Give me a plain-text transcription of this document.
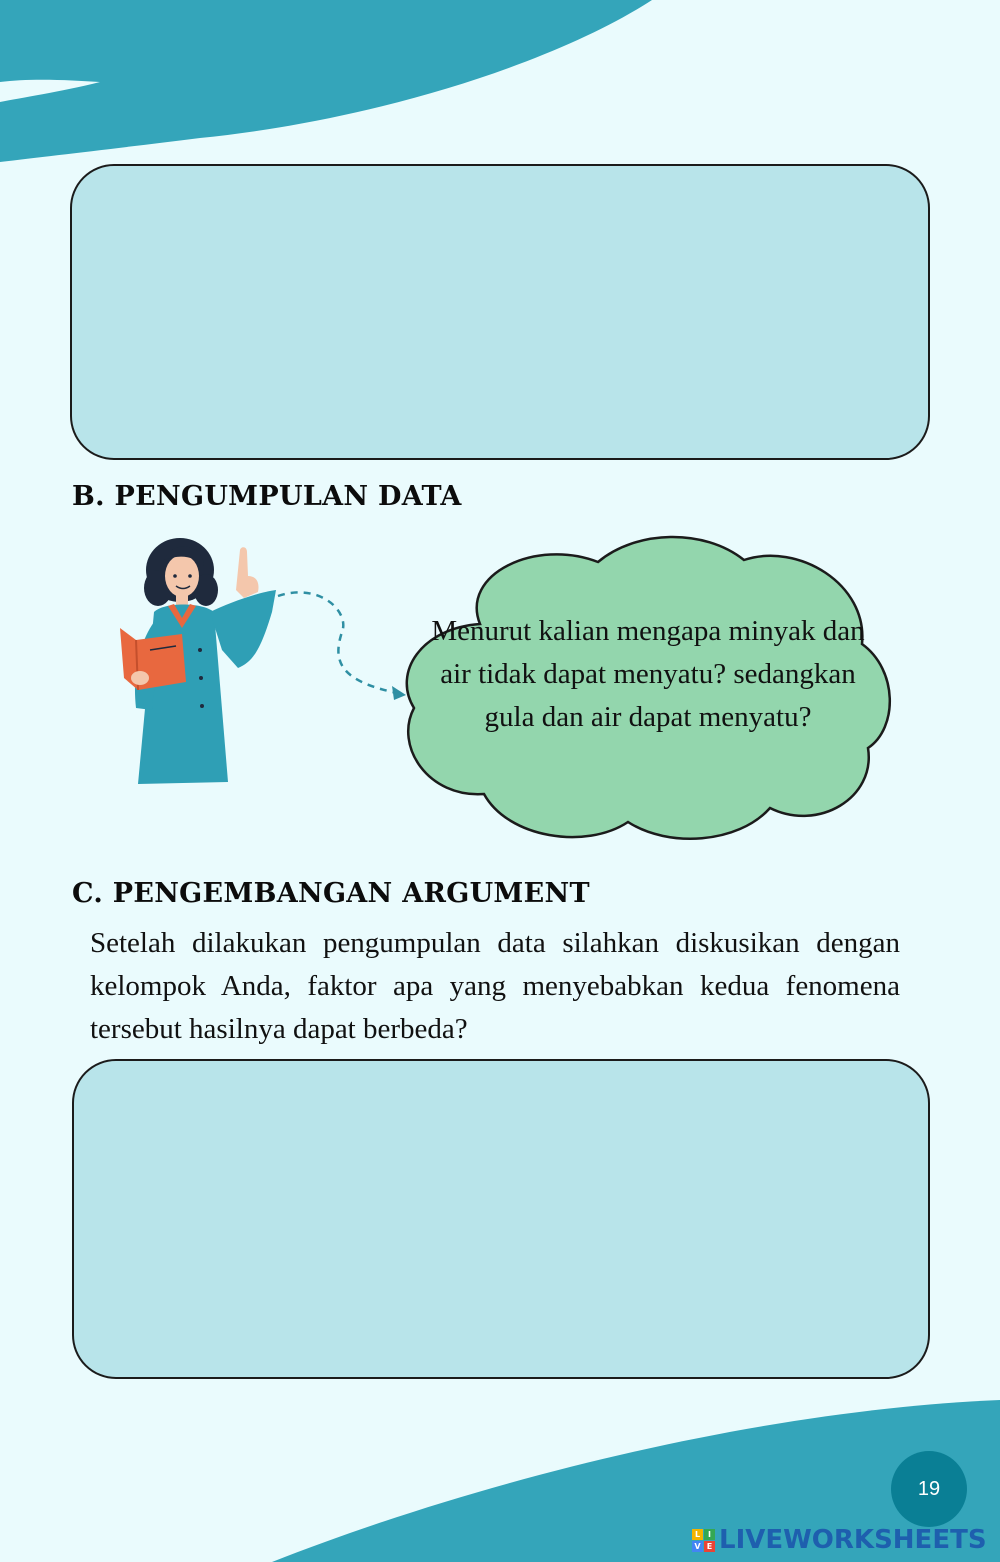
B. PENGUMPULAN DATA
Menurut kalian mengapa minyak dan air tidak dapat menyatu? sedangkan gula dan air dapat menyatu?
C. PENGEMBANGAN ARGUMENT

Setelah dilakukan pengumpulan data silahkan diskusikan dengan kelompok Anda, faktor apa yang menyebabkan kedua fenomena tersebut hasilnya dapat berbeda?

19
L I
V E LIVEWORKSHEETS
